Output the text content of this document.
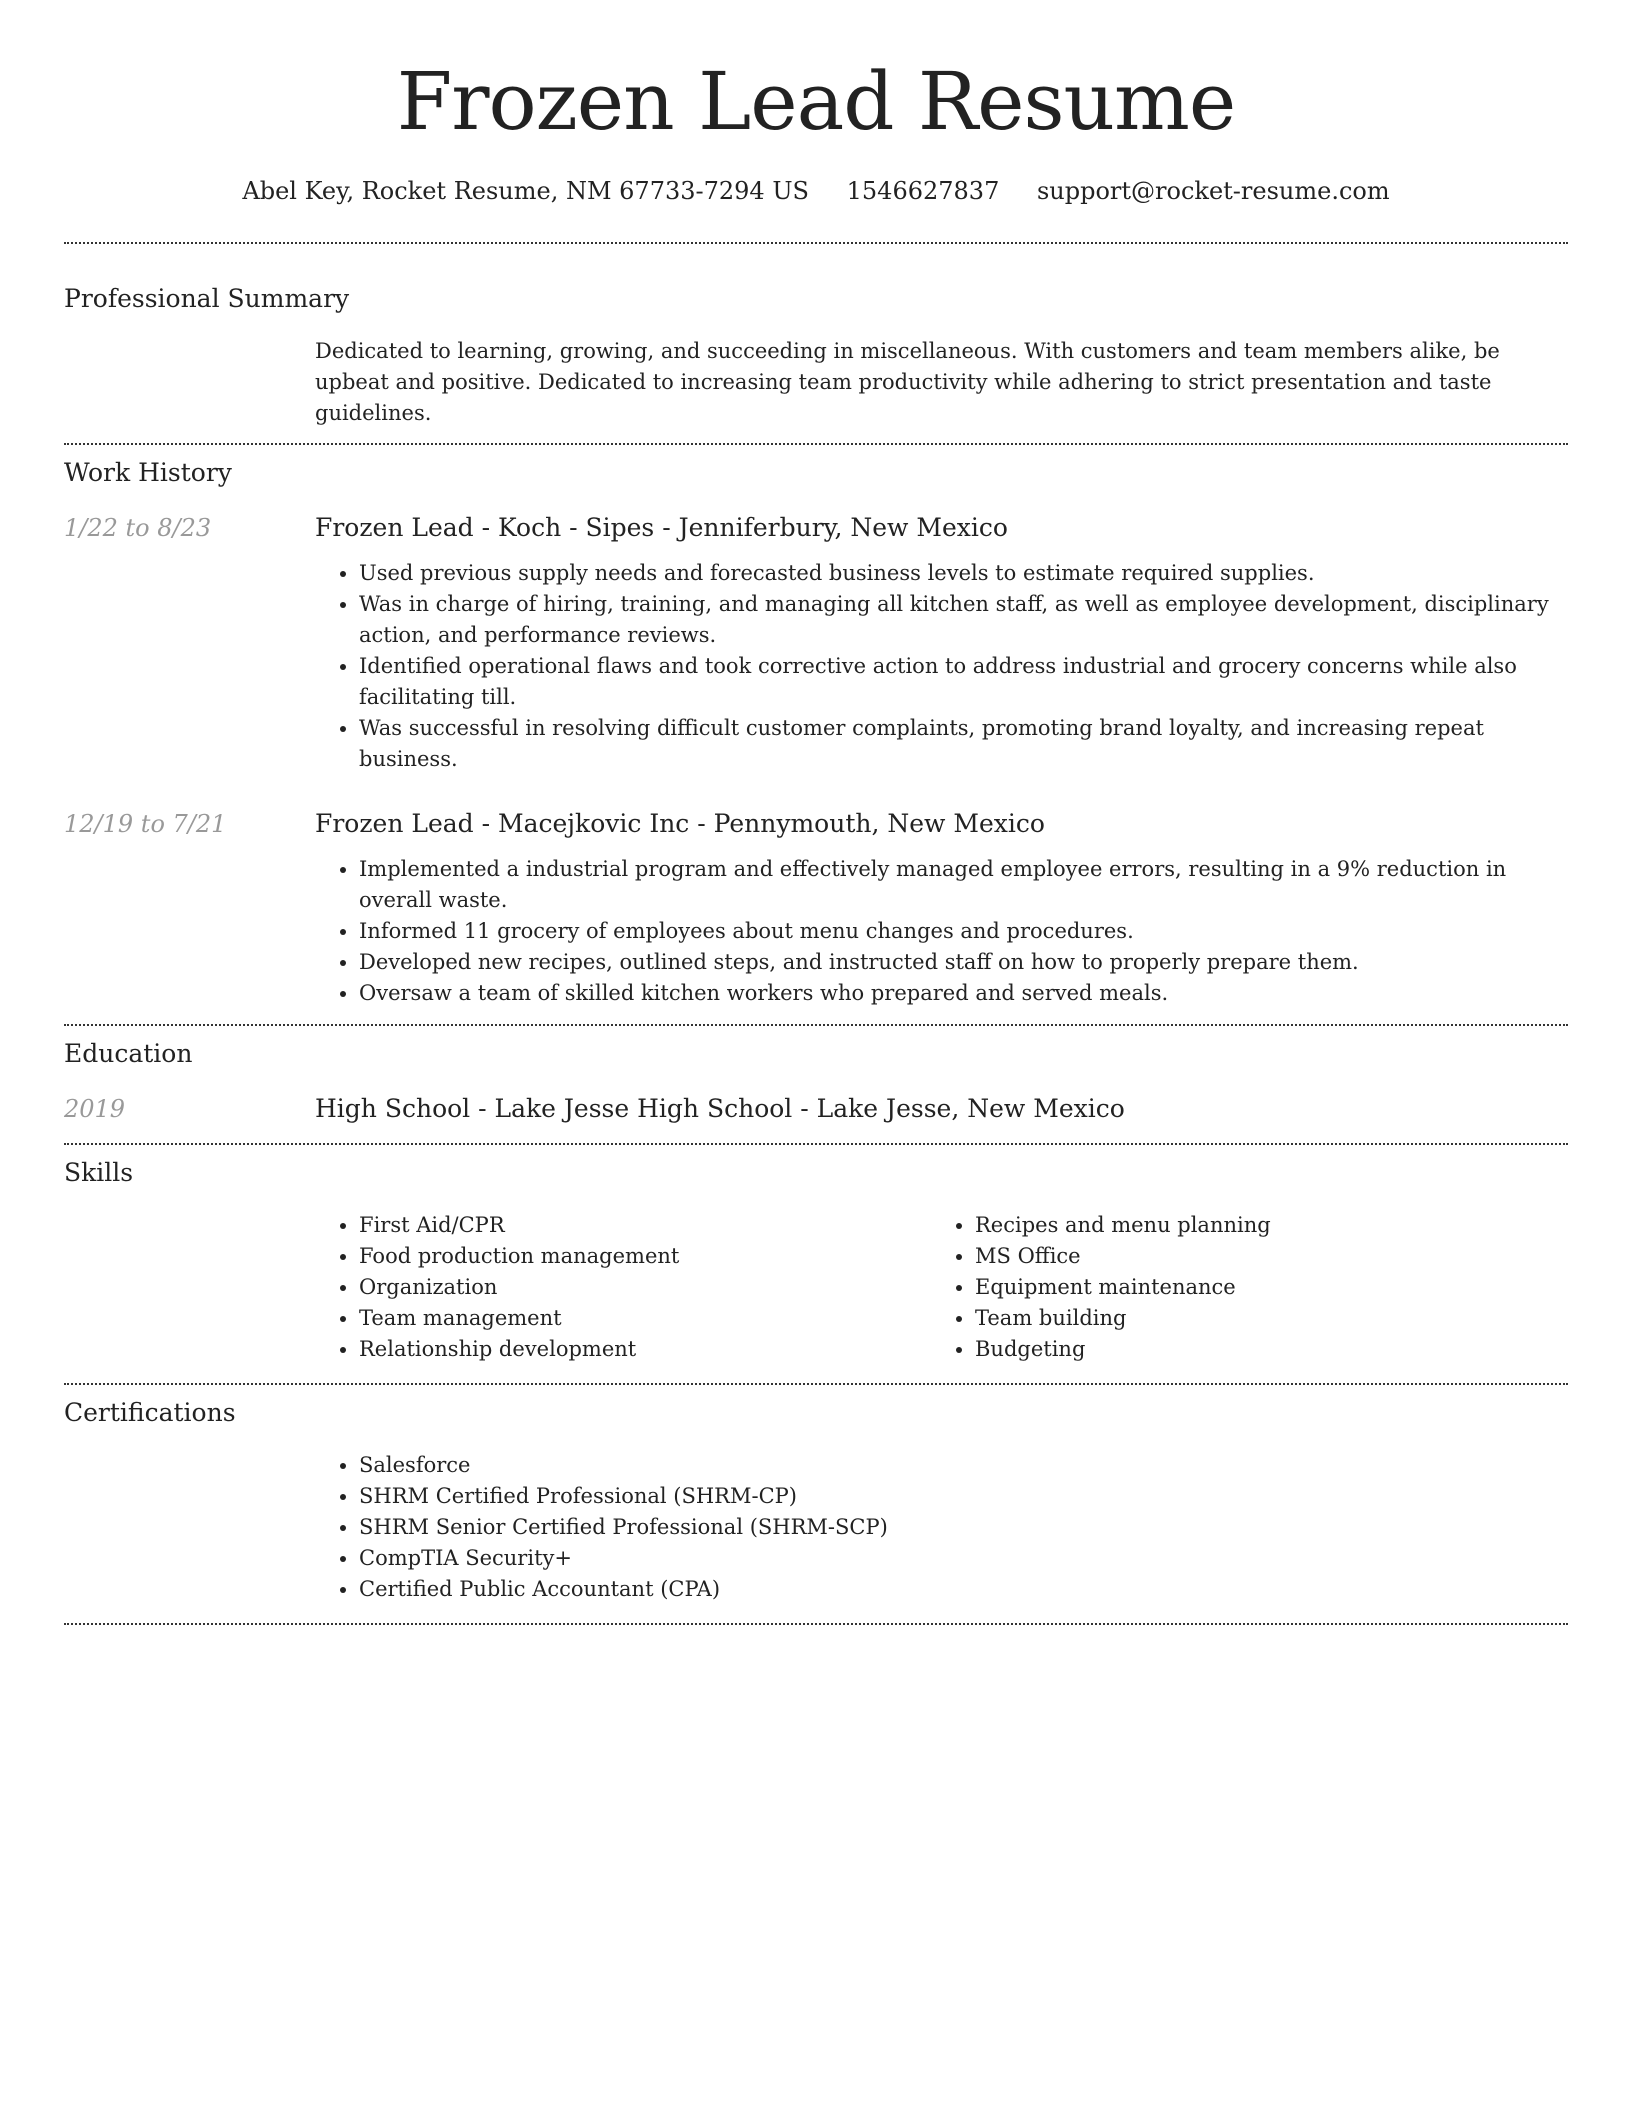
Frozen Lead Resume
Abel Key, Rocket Resume, NM 67733-7294 US 1546627837 support@rocket-resume.com
Professional Summary
Dedicated to learning, growing, and succeeding in miscellaneous. With customers and team members alike, be upbeat and positive. Dedicated to increasing team productivity while adhering to strict presentation and taste guidelines.
Work History
1/22 to 8/23	Frozen Lead - Koch - Sipes - Jenniferbury, New Mexico
• Used previous supply needs and forecasted business levels to estimate required supplies.
• Was in charge of hiring, training, and managing all kitchen staff, as well as employee development, disciplinary action, and performance reviews.
• Identified operational flaws and took corrective action to address industrial and grocery concerns while also facilitating till.
• Was successful in resolving difficult customer complaints, promoting brand loyalty, and increasing repeat business.
12/19 to 7/21	Frozen Lead - Macejkovic Inc - Pennymouth, New Mexico
• Implemented a industrial program and effectively managed employee errors, resulting in a 9% reduction in overall waste.
• Informed 11 grocery of employees about menu changes and procedures.
• Developed new recipes, outlined steps, and instructed staff on how to properly prepare them.
• Oversaw a team of skilled kitchen workers who prepared and served meals.
Education
2019	High School - Lake Jesse High School - Lake Jesse, New Mexico
Skills
• First Aid/CPR
• Food production management
• Organization
• Team management
• Relationship development
• Recipes and menu planning
• MS Office
• Equipment maintenance
• Team building
• Budgeting
Certifications
• Salesforce
• SHRM Certified Professional (SHRM-CP)
• SHRM Senior Certified Professional (SHRM-SCP)
• CompTIA Security+
• Certified Public Accountant (CPA)
